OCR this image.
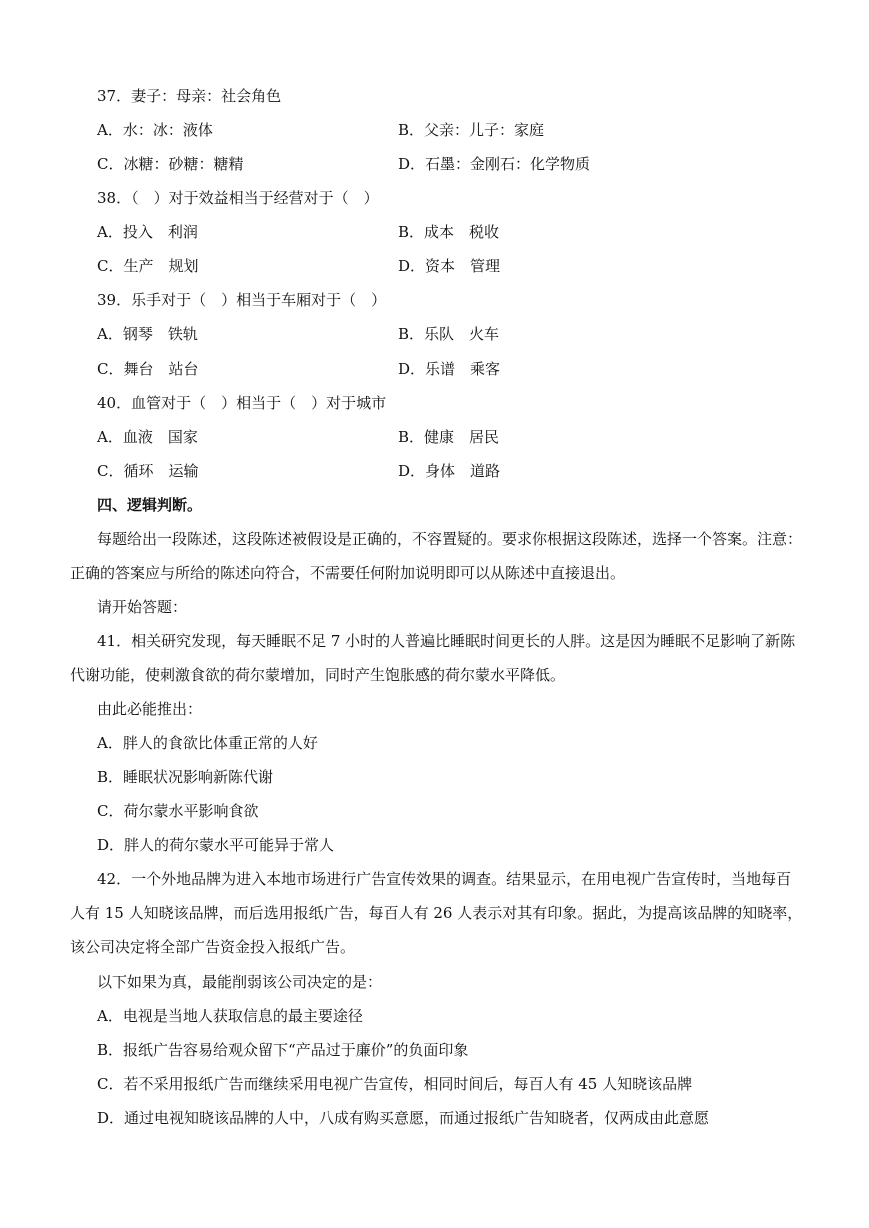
37．妻子：母亲：社会角色
A．水：冰：液体	B．父亲：儿子：家庭
C．冰糖：砂糖：糖精	D．石墨：金刚石：化学物质
38．（　）对于效益相当于经营对于（　）
A．投入　利润	B．成本　税收
C．生产　规划	D．资本　管理
39．乐手对于（　）相当于车厢对于（　）
A．钢琴　铁轨	B．乐队　火车
C．舞台　站台	D．乐谱　乘客
40．血管对于（　）相当于（　）对于城市
A．血液　国家	B．健康　居民
C．循环　运输	D．身体　道路
四、逻辑判断。
每题给出一段陈述，这段陈述被假设是正确的，不容置疑的。要求你根据这段陈述，选择一个答案。注意：正确的答案应与所给的陈述向符合，不需要任何附加说明即可以从陈述中直接退出。
请开始答题：
41．相关研究发现，每天睡眠不足 7 小时的人普遍比睡眠时间更长的人胖。这是因为睡眠不足影响了新陈代谢功能，使刺激食欲的荷尔蒙增加，同时产生饱胀感的荷尔蒙水平降低。
由此必能推出：
A．胖人的食欲比体重正常的人好
B．睡眠状况影响新陈代谢
C．荷尔蒙水平影响食欲
D．胖人的荷尔蒙水平可能异于常人
42．一个外地品牌为进入本地市场进行广告宣传效果的调查。结果显示，在用电视广告宣传时，当地每百人有 15 人知晓该品牌，而后选用报纸广告，每百人有 26 人表示对其有印象。据此，为提高该品牌的知晓率，该公司决定将全部广告资金投入报纸广告。
以下如果为真，最能削弱该公司决定的是：
A．电视是当地人获取信息的最主要途径
B．报纸广告容易给观众留下“产品过于廉价”的负面印象
C．若不采用报纸广告而继续采用电视广告宣传，相同时间后，每百人有 45 人知晓该品牌
D．通过电视知晓该品牌的人中，八成有购买意愿，而通过报纸广告知晓者，仅两成由此意愿
